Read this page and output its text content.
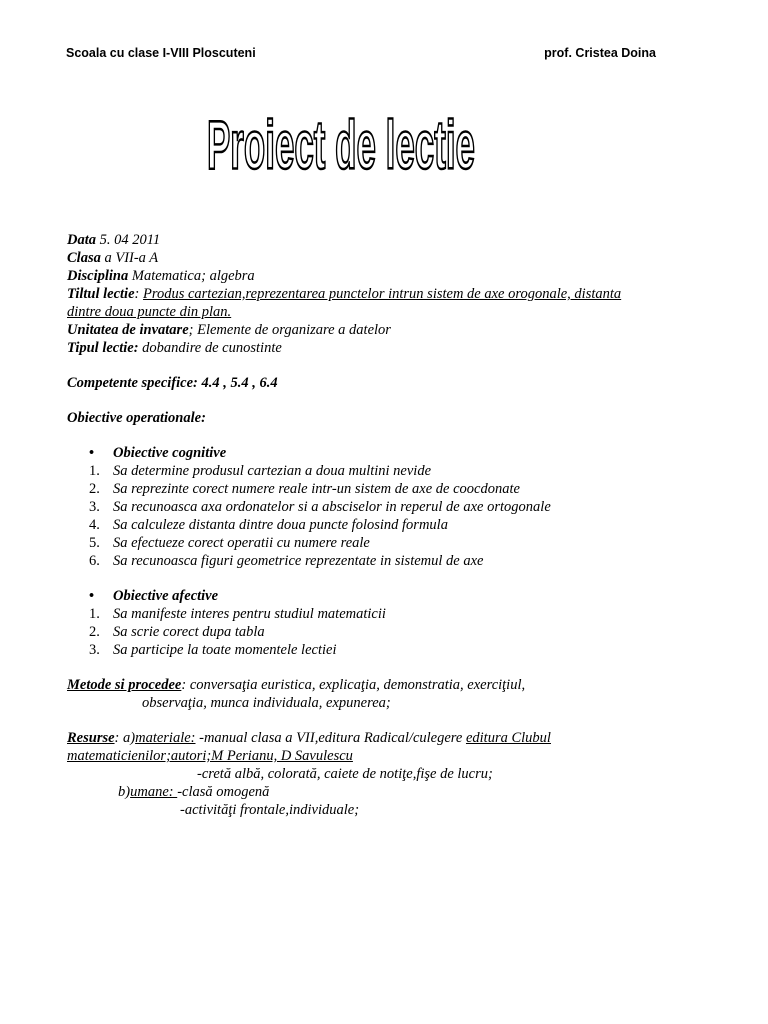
Scoala cu clase I-VIII Ploscuteni	prof. Cristea Doina
Proiect de lectie
Data 5. 04 2011
Clasa a VII-a A
Disciplina Matematica; algebra
Tiltul lectie: Produs cartezian,reprezentarea punctelor intrun sistem de axe orogonale, distanta
dintre doua puncte din plan.
Unitatea de invatare; Elemente de organizare a datelor
Tipul lectie: dobandire de cunostinte
Competente specifice: 4.4 , 5.4 , 6.4
Obiective operationale:
• Obiective cognitive
1. Sa determine produsul cartezian a doua multini nevide
2. Sa reprezinte corect numere reale intr-un sistem de axe de coocdonate
3. Sa recunoasca axa ordonatelor si a absciselor in reperul de axe ortogonale
4. Sa calculeze distanta dintre doua puncte folosind formula
5. Sa efectueze corect operatii cu numere reale
6. Sa recunoasca figuri geometrice reprezentate in sistemul de axe
• Obiective afective
1. Sa manifeste interes pentru studiul matematicii
2. Sa scrie corect dupa tabla
3. Sa participe la toate momentele lectiei
Metode si procedee: conversaţia euristica, explicaţia, demonstratia, exerciţiul,
observaţia, munca individuala, expunerea;
Resurse: a)materiale: -manual clasa a VII,editura Radical/culegere editura Clubul
matematicienilor;autori;M Perianu, D Savulescu
-cretă albă, colorată, caiete de notiţe,fişe de lucru;
b)umane: -clasă omogenă
-activităţi frontale,individuale;
